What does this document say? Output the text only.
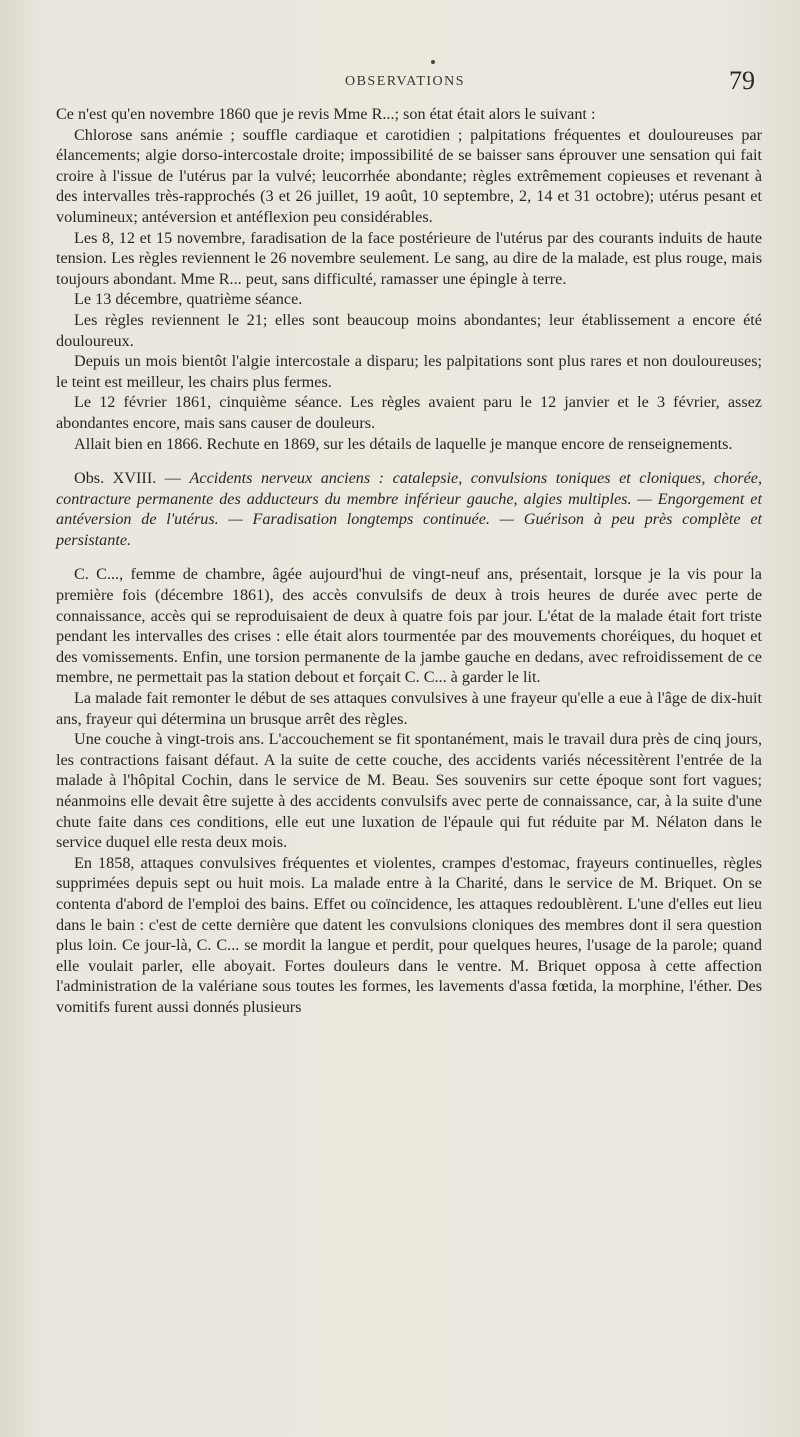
OBSERVATIONS	79

Ce n'est qu'en novembre 1860 que je revis Mme R...; son état était alors le suivant :

Chlorose sans anémie ; souffle cardiaque et carotidien ; palpitations fréquentes et douloureuses par élancements; algie dorso-intercostale droite; impossibilité de se baisser sans éprouver une sensation qui fait croire à l'issue de l'utérus par la vulvé; leucorrhée abondante; règles extrêmement copieuses et revenant à des intervalles très-rapprochés (3 et 26 juillet, 19 août, 10 septembre, 2, 14 et 31 octobre); utérus pesant et volumineux; antéversion et antéflexion peu considérables.

Les 8, 12 et 15 novembre, faradisation de la face postérieure de l'utérus par des courants induits de haute tension. Les règles reviennent le 26 novembre seulement. Le sang, au dire de la malade, est plus rouge, mais toujours abondant. Mme R... peut, sans difficulté, ramasser une épingle à terre.

Le 13 décembre, quatrième séance.

Les règles reviennent le 21; elles sont beaucoup moins abondantes; leur établissement a encore été douloureux.

Depuis un mois bientôt l'algie intercostale a disparu; les palpitations sont plus rares et non douloureuses; le teint est meilleur, les chairs plus fermes.

Le 12 février 1861, cinquième séance. Les règles avaient paru le 12 janvier et le 3 février, assez abondantes encore, mais sans causer de douleurs.

Allait bien en 1866. Rechute en 1869, sur les détails de laquelle je manque encore de renseignements.

Obs. XVIII. — Accidents nerveux anciens : catalepsie, convulsions toniques et cloniques, chorée, contracture permanente des adducteurs du membre inférieur gauche, algies multiples. — Engorgement et antéversion de l'utérus. — Faradisation longtemps continuée. — Guérison à peu près complète et persistante.

C. C..., femme de chambre, âgée aujourd'hui de vingt-neuf ans, présentait, lorsque je la vis pour la première fois (décembre 1861), des accès convulsifs de deux à trois heures de durée avec perte de connaissance, accès qui se reproduisaient de deux à quatre fois par jour. L'état de la malade était fort triste pendant les intervalles des crises : elle était alors tourmentée par des mouvements choréiques, du hoquet et des vomissements. Enfin, une torsion permanente de la jambe gauche en dedans, avec refroidissement de ce membre, ne permettait pas la station debout et forçait C. C... à garder le lit.

La malade fait remonter le début de ses attaques convulsives à une frayeur qu'elle a eue à l'âge de dix-huit ans, frayeur qui détermina un brusque arrêt des règles.

Une couche à vingt-trois ans. L'accouchement se fit spontanément, mais le travail dura près de cinq jours, les contractions faisant défaut. A la suite de cette couche, des accidents variés nécessitèrent l'entrée de la malade à l'hôpital Cochin, dans le service de M. Beau. Ses souvenirs sur cette époque sont fort vagues; néanmoins elle devait être sujette à des accidents convulsifs avec perte de connaissance, car, à la suite d'une chute faite dans ces conditions, elle eut une luxation de l'épaule qui fut réduite par M. Nélaton dans le service duquel elle resta deux mois.

En 1858, attaques convulsives fréquentes et violentes, crampes d'estomac, frayeurs continuelles, règles supprimées depuis sept ou huit mois. La malade entre à la Charité, dans le service de M. Briquet. On se contenta d'abord de l'emploi des bains. Effet ou coïncidence, les attaques redoublèrent. L'une d'elles eut lieu dans le bain : c'est de cette dernière que datent les convulsions cloniques des membres dont il sera question plus loin. Ce jour-là, C. C... se mordit la langue et perdit, pour quelques heures, l'usage de la parole; quand elle voulait parler, elle aboyait. Fortes douleurs dans le ventre. M. Briquet opposa à cette affection l'administration de la valériane sous toutes les formes, les lavements d'assa fœtida, la morphine, l'éther. Des vomitifs furent aussi donnés plusieurs
